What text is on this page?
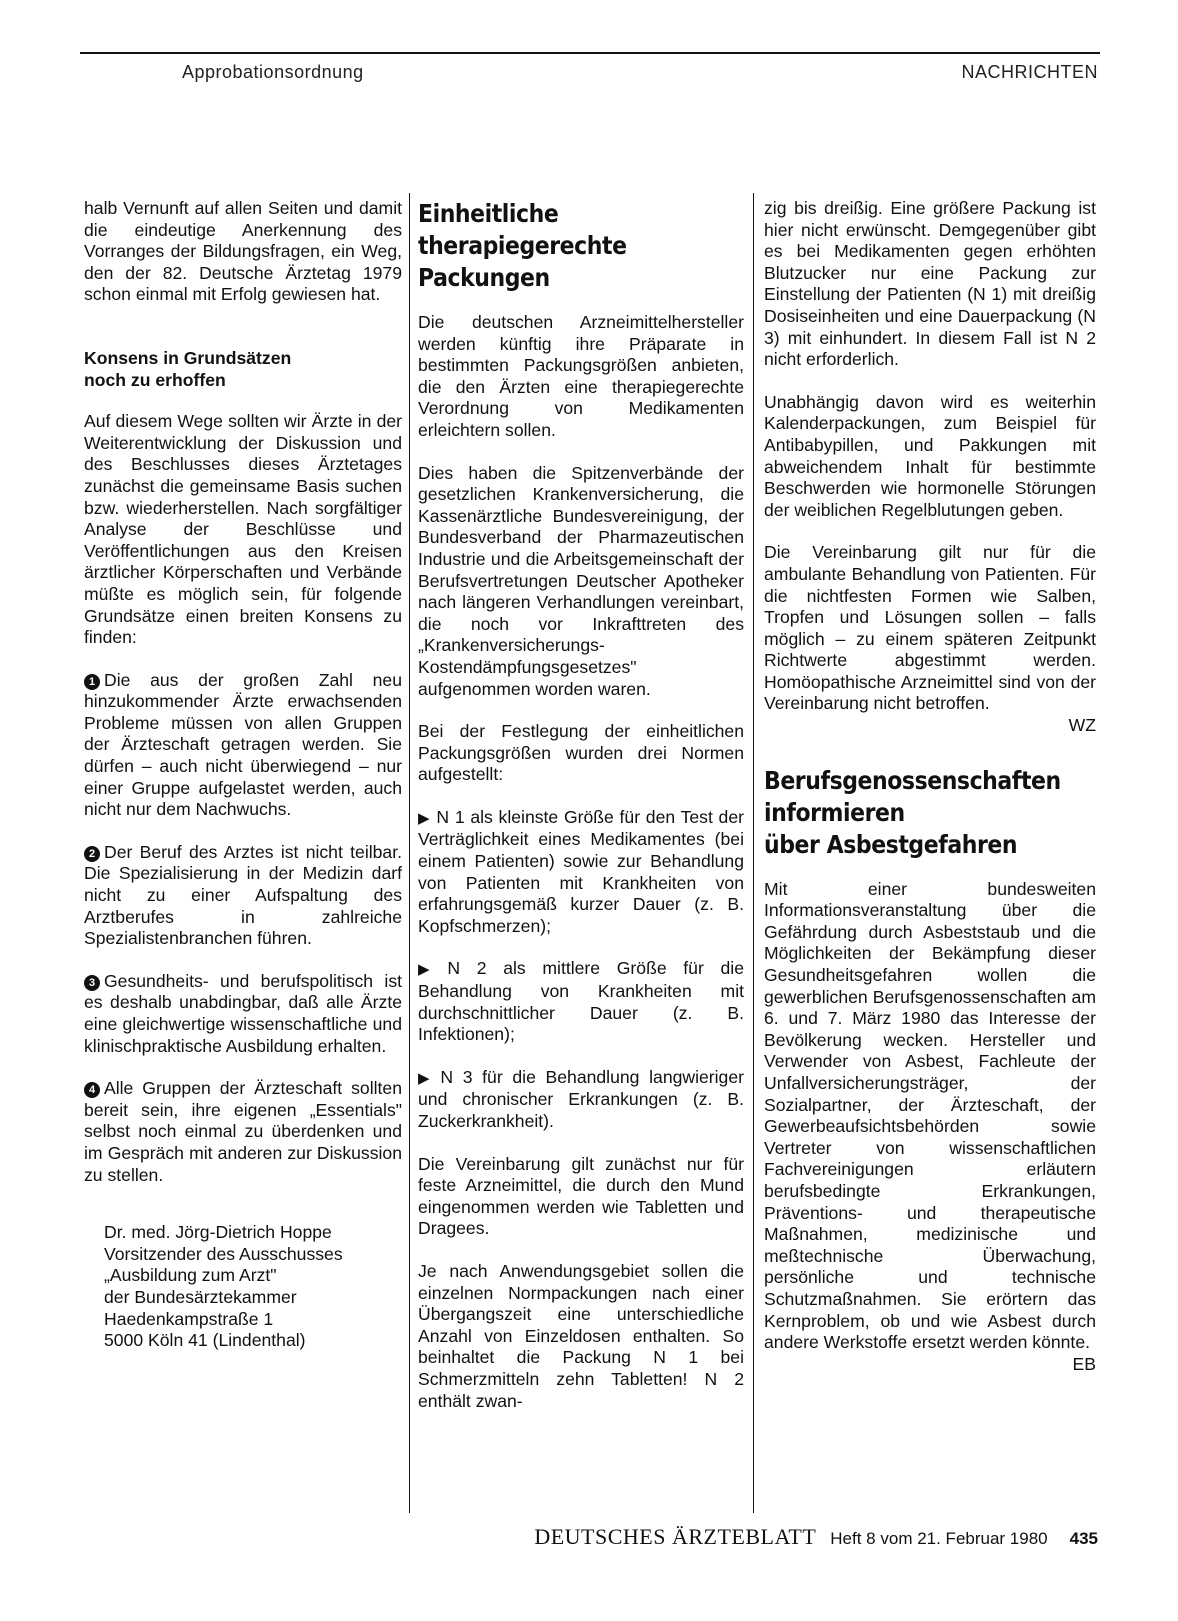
Approbationsordnung	NACHRICHTEN

halb Vernunft auf allen Seiten und damit die eindeutige Anerkennung des Vorranges der Bildungsfragen, ein Weg, den der 82. Deutsche Ärztetag 1979 schon einmal mit Erfolg gewiesen hat.

Konsens in Grundsätzen
noch zu erhoffen

Auf diesem Wege sollten wir Ärzte in der Weiterentwicklung der Diskussion und des Beschlusses dieses Ärztetages zunächst die gemeinsame Basis suchen bzw. wiederherstellen. Nach sorgfältiger Analyse der Beschlüsse und Veröffentlichungen aus den Kreisen ärztlicher Körperschaften und Verbände müßte es möglich sein, für folgende Grundsätze einen breiten Konsens zu finden:

1 Die aus der großen Zahl neu hinzukommender Ärzte erwachsenden Probleme müssen von allen Gruppen der Ärzteschaft getragen werden. Sie dürfen – auch nicht überwiegend – nur einer Gruppe aufgelastet werden, auch nicht nur dem Nachwuchs.

2 Der Beruf des Arztes ist nicht teilbar. Die Spezialisierung in der Medizin darf nicht zu einer Aufspaltung des Arztberufes in zahlreiche Spezialistenbranchen führen.

3 Gesundheits- und berufspolitisch ist es deshalb unabdingbar, daß alle Ärzte eine gleichwertige wissenschaftliche und klinischpraktische Ausbildung erhalten.

4 Alle Gruppen der Ärzteschaft sollten bereit sein, ihre eigenen „Essentials" selbst noch einmal zu überdenken und im Gespräch mit anderen zur Diskussion zu stellen.

Dr. med. Jörg-Dietrich Hoppe
Vorsitzender des Ausschusses
„Ausbildung zum Arzt"
der Bundesärztekammer
Haedenkampstraße 1
5000 Köln 41 (Lindenthal)
Einheitliche
therapiegerechte
Packungen

Die deutschen Arzneimittelhersteller werden künftig ihre Präparate in bestimmten Packungsgrößen anbieten, die den Ärzten eine therapiegerechte Verordnung von Medikamenten erleichtern sollen.

Dies haben die Spitzenverbände der gesetzlichen Krankenversicherung, die Kassenärztliche Bundesvereinigung, der Bundesverband der Pharmazeutischen Industrie und die Arbeitsgemeinschaft der Berufsvertretungen Deutscher Apotheker nach längeren Verhandlungen vereinbart, die noch vor Inkrafttreten des „Krankenversicherungs-Kostendämpfungsgesetzes" aufgenommen worden waren.

Bei der Festlegung der einheitlichen Packungsgrößen wurden drei Normen aufgestellt:

▶ N 1 als kleinste Größe für den Test der Verträglichkeit eines Medikamentes (bei einem Patienten) sowie zur Behandlung von Patienten mit Krankheiten von erfahrungsgemäß kurzer Dauer (z. B. Kopfschmerzen);

▶ N 2 als mittlere Größe für die Behandlung von Krankheiten mit durchschnittlicher Dauer (z. B. Infektionen);

▶ N 3 für die Behandlung langwieriger und chronischer Erkrankungen (z. B. Zuckerkrankheit).

Die Vereinbarung gilt zunächst nur für feste Arzneimittel, die durch den Mund eingenommen werden wie Tabletten und Dragees.

Je nach Anwendungsgebiet sollen die einzelnen Normpackungen nach einer Übergangszeit eine unterschiedliche Anzahl von Einzeldosen enthalten. So beinhaltet die Packung N 1 bei Schmerzmitteln zehn Tabletten! N 2 enthält zwan-

zig bis dreißig. Eine größere Packung ist hier nicht erwünscht. Demgegenüber gibt es bei Medikamenten gegen erhöhten Blutzucker nur eine Packung zur Einstellung der Patienten (N 1) mit dreißig Dosiseinheiten und eine Dauerpackung (N 3) mit einhundert. In diesem Fall ist N 2 nicht erforderlich.

Unabhängig davon wird es weiterhin Kalenderpackungen, zum Beispiel für Antibabypillen, und Pakkungen mit abweichendem Inhalt für bestimmte Beschwerden wie hormonelle Störungen der weiblichen Regelblutungen geben.

Die Vereinbarung gilt nur für die ambulante Behandlung von Patienten. Für die nichtfesten Formen wie Salben, Tropfen und Lösungen sollen – falls möglich – zu einem späteren Zeitpunkt Richtwerte abgestimmt werden. Homöopathische Arzneimittel sind von der Vereinbarung nicht betroffen.

WZ
Berufsgenossenschaften
informieren
über Asbestgefahren

Mit einer bundesweiten Informationsveranstaltung über die Gefährdung durch Asbeststaub und die Möglichkeiten der Bekämpfung dieser Gesundheitsgefahren wollen die gewerblichen Berufsgenossenschaften am 6. und 7. März 1980 das Interesse der Bevölkerung wecken. Hersteller und Verwender von Asbest, Fachleute der Unfallversicherungsträger, der Sozialpartner, der Ärzteschaft, der Gewerbeaufsichtsbehörden sowie Vertreter von wissenschaftlichen Fachvereinigungen erläutern berufsbedingte Erkrankungen, Präventions- und therapeutische Maßnahmen, medizinische und meßtechnische Überwachung, persönliche und technische Schutzmaßnahmen. Sie erörtern das Kernproblem, ob und wie Asbest durch andere Werkstoffe ersetzt werden könnte.

EB
DEUTSCHES ÄRZTEBLATT Heft 8 vom 21. Februar 1980 435
